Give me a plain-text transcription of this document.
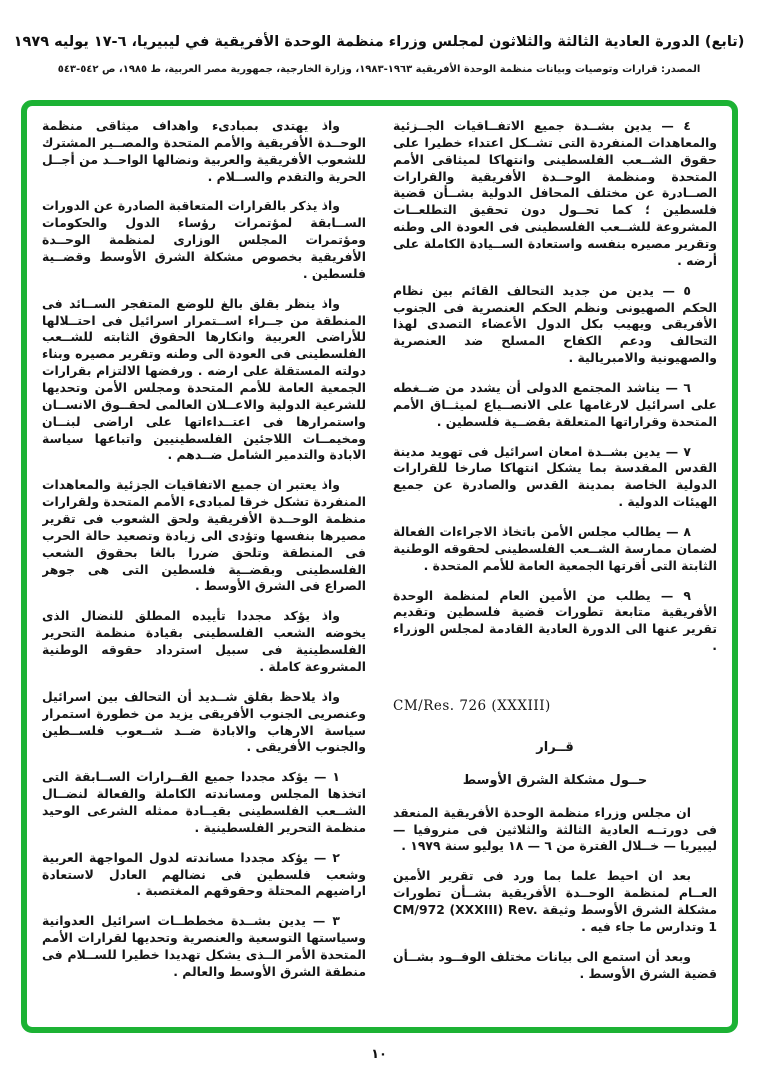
(تابع) الدورة العادية الثالثة والثلاثون لمجلس وزراء منظمة الوحدة الأفريقية في ليبيريا، ٦-١٧ يوليه ١٩٧٩
المصدر: قرارات وتوصيات وبيانات منظمة الوحدة الأفريقية ١٩٦٣-١٩٨٣، وزارة الخارجية، جمهورية مصر العربية، ط ١٩٨٥، ص ٥٤٢-٥٤٣

٤ — يدين بشــدة جميع الاتفــاقيات الجــزئية والمعاهدات المنفردة التى تشــكل اعتداء خطيرا على حقوق الشــعب الفلسطينى وانتهاكا لميثاقى الأمم المتحدة ومنظمة الوحــدة الأفريقية والقرارات الصــادرة عن مختلف المحافل الدولية بشــأن قضية فلسطين ؛ كما تحــول دون تحقيق التطلعــات المشروعة للشــعب الفلسطينى فى العودة الى وطنه وتقرير مصيره بنفسه واستعادة الســيادة الكاملة على أرضه .

٥ — يدين من جديد التحالف القائم بين نظام الحكم الصهيونى ونظم الحكم العنصرية فى الجنوب الأفريقى ويهيب بكل الدول الأعضاء التصدى لهذا التحالف ودعم الكفاح المسلح ضد العنصرية والصهيونية والامبريالية .

٦ — يناشد المجتمع الدولى أن يشدد من ضــغطه على اسرائيل لارغامها على الانصــياع لميثــاق الأمم المتحدة وقراراتها المتعلقة بقضــية فلسطين .

٧ — يدين بشــدة امعان اسرائيل فى تهويد مدينة القدس المقدسة بما يشكل انتهاكا صارخا للقرارات الدولية الخاصة بمدينة القدس والصادرة عن جميع الهيئات الدولية .

٨ — يطالب مجلس الأمن باتخاذ الاجراءات الفعالة لضمان ممارسة الشــعب الفلسطينى لحقوقه الوطنية الثابتة التى أقرتها الجمعية العامة للأمم المتحدة .

٩ — يطلب من الأمين العام لمنظمة الوحدة الأفريقية متابعة تطورات قضية فلسطين وتقديم تقرير عنها الى الدورة العادية القادمة لمجلس الوزراء .

CM/Res. 726 (XXXIII)

قــرار

حــول مشكلة الشرق الأوسط

ان مجلس وزراء منظمة الوحدة الأفريقية المنعقد فى دورتــه العادية الثالثة والثلاثين فى منروفيا — ليبيريا — خــلال الفترة من ٦ — ١٨ يوليو سنة ١٩٧٩ .

بعد ان احيط علما بما ورد فى تقرير الأمين العــام لمنظمة الوحــدة الأفريقية بشــأن تطورات مشكلة الشرق الأوسط وثيقة CM/972 (XXXIII) Rev. 1 وتدارس ما جاء فيه .

وبعد أن استمع الى بيانات مختلف الوفــود بشــأن قضية الشرق الأوسط .

واذ يهتدى بمبادىء واهداف ميثاقى منظمة الوحــدة الأفريقية والأمم المتحدة والمصــير المشترك للشعوب الأفريقية والعربية ونضالها الواحــد من أجــل الحرية والتقدم والســلام .

واذ يذكر بالقرارات المتعاقبة الصادرة عن الدورات الســابقة لمؤتمرات رؤساء الدول والحكومات ومؤتمرات المجلس الوزارى لمنظمة الوحــدة الأفريقية بخصوص مشكلة الشرق الأوسط وقضــية فلسطين .

واذ ينظر بقلق بالغ للوضع المتفجر الســائد فى المنطقة من جــراء اســتمرار اسرائيل فى احتــلالها للأراضى العربية وانكارها الحقوق الثابته للشــعب الفلسطينى فى العودة الى وطنه وتقرير مصيره وبناء دولته المستقلة على ارضه . ورفضها الالتزام بقرارات الجمعية العامة للأمم المتحدة ومجلس الأمن وتحديها للشرعية الدولية والاعــلان العالمى لحقــوق الانســان واستمرارها فى اعتــداءاتها على اراضى لبنــان ومخيمــات اللاجئين الفلسطينيين واتباعها سياسة الابادة والتدمير الشامل ضــدهم .

واذ يعتبر ان جميع الاتفاقيات الجزئية والمعاهدات المنفردة تشكل خرقا لمبادىء الأمم المتحدة ولقرارات منظمة الوحــدة الأفريقية ولحق الشعوب فى تقرير مصيرها بنفسها وتؤدى الى زيادة وتصعيد حالة الحرب فى المنطقة وتلحق ضررا بالغا بحقوق الشعب الفلسطينى وبقضــية فلسطين التى هى جوهر الصراع فى الشرق الأوسط .

واذ يؤكد مجددا تأييده المطلق للنضال الذى يخوضه الشعب الفلسطينى بقيادة منظمة التحرير الفلسطينية فى سبيل استرداد حقوقه الوطنية المشروعة كاملة .

واذ يلاحظ بقلق شــديد أن التحالف بين اسرائيل وعنصريى الجنوب الأفريقى يزيد من خطورة استمرار سياسة الارهاب والابادة ضــد شــعوب فلســطين والجنوب الأفريقى .

١ — يؤكد مجددا جميع القــرارات الســابقة التى اتخذها المجلس ومساندته الكاملة والفعالة لنضــال الشــعب الفلسطينى بقيــادة ممثله الشرعى الوحيد منظمة التحرير الفلسطينية .

٢ — يؤكد مجددا مساندته لدول المواجهة العربية وشعب فلسطين فى نضالهم العادل لاستعادة اراضيهم المحتلة وحقوقهم المغتصبة .

٣ — يدين بشــدة مخططــات اسرائيل العدوانية وسياستها التوسعية والعنصرية وتحديها لقرارات الأمم المتحدة الأمر الــذى يشكل تهديدا خطيرا للســلام فى منطقة الشرق الأوسط والعالم .

١٠
